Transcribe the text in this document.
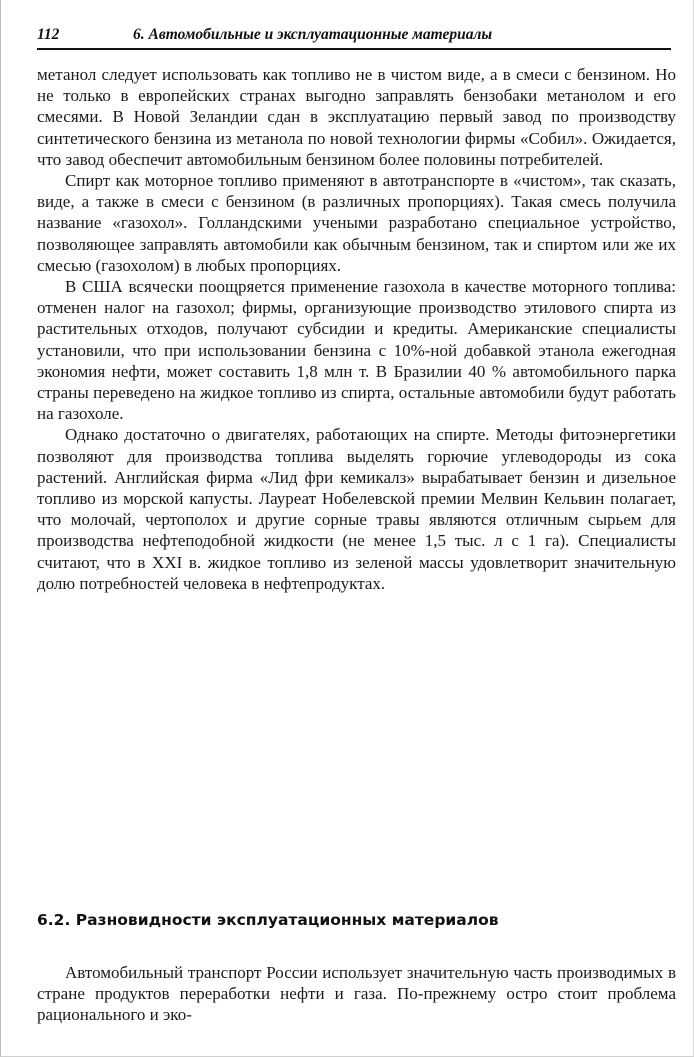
112	6. Автомобильные и эксплуатационные материалы

метанол следует использовать как топливо не в чистом виде, а в смеси с бензином. Но не только в европейских странах выгодно заправлять бензобаки метанолом и его смесями. В Новой Зеландии сдан в эксплуатацию первый завод по производству синтетического бензина из метанола по новой технологии фирмы «Собил». Ожидается, что завод обеспечит автомобильным бензином более половины потребителей.

Спирт как моторное топливо применяют в автотранспорте в «чистом», так сказать, виде, а также в смеси с бензином (в различных пропорциях). Такая смесь получила название «газохол». Голландскими учеными разработано специальное устройство, позволяющее заправлять автомобили как обычным бензином, так и спиртом или же их смесью (газохолом) в любых пропорциях.

В США всячески поощряется применение газохола в качестве моторного топлива: отменен налог на газохол; фирмы, организующие производство этилового спирта из растительных отходов, получают субсидии и кредиты. Американские специалисты установили, что при использовании бензина с 10%-ной добавкой этанола ежегодная экономия нефти, может составить 1,8 млн т. В Бразилии 40 % автомобильного парка страны переведено на жидкое топливо из спирта, остальные автомобили будут работать на газохоле.

Однако достаточно о двигателях, работающих на спирте. Методы фитоэнергетики позволяют для производства топлива выделять горючие углеводороды из сока растений. Английская фирма «Лид фри кемикалз» вырабатывает бензин и дизельное топливо из морской капусты. Лауреат Нобелевской премии Мелвин Кельвин полагает, что молочай, чертополох и другие сорные травы являются отличным сырьем для производства нефтеподобной жидкости (не менее 1,5 тыс. л с 1 га). Специалисты считают, что в XXI в. жидкое топливо из зеленой массы удовлетворит значительную долю потребностей человека в нефтепродуктах.

6.2. Разновидности эксплуатационных материалов

Автомобильный транспорт России использует значительную часть производимых в стране продуктов переработки нефти и газа. По-прежнему остро стоит проблема рационального и эко-
